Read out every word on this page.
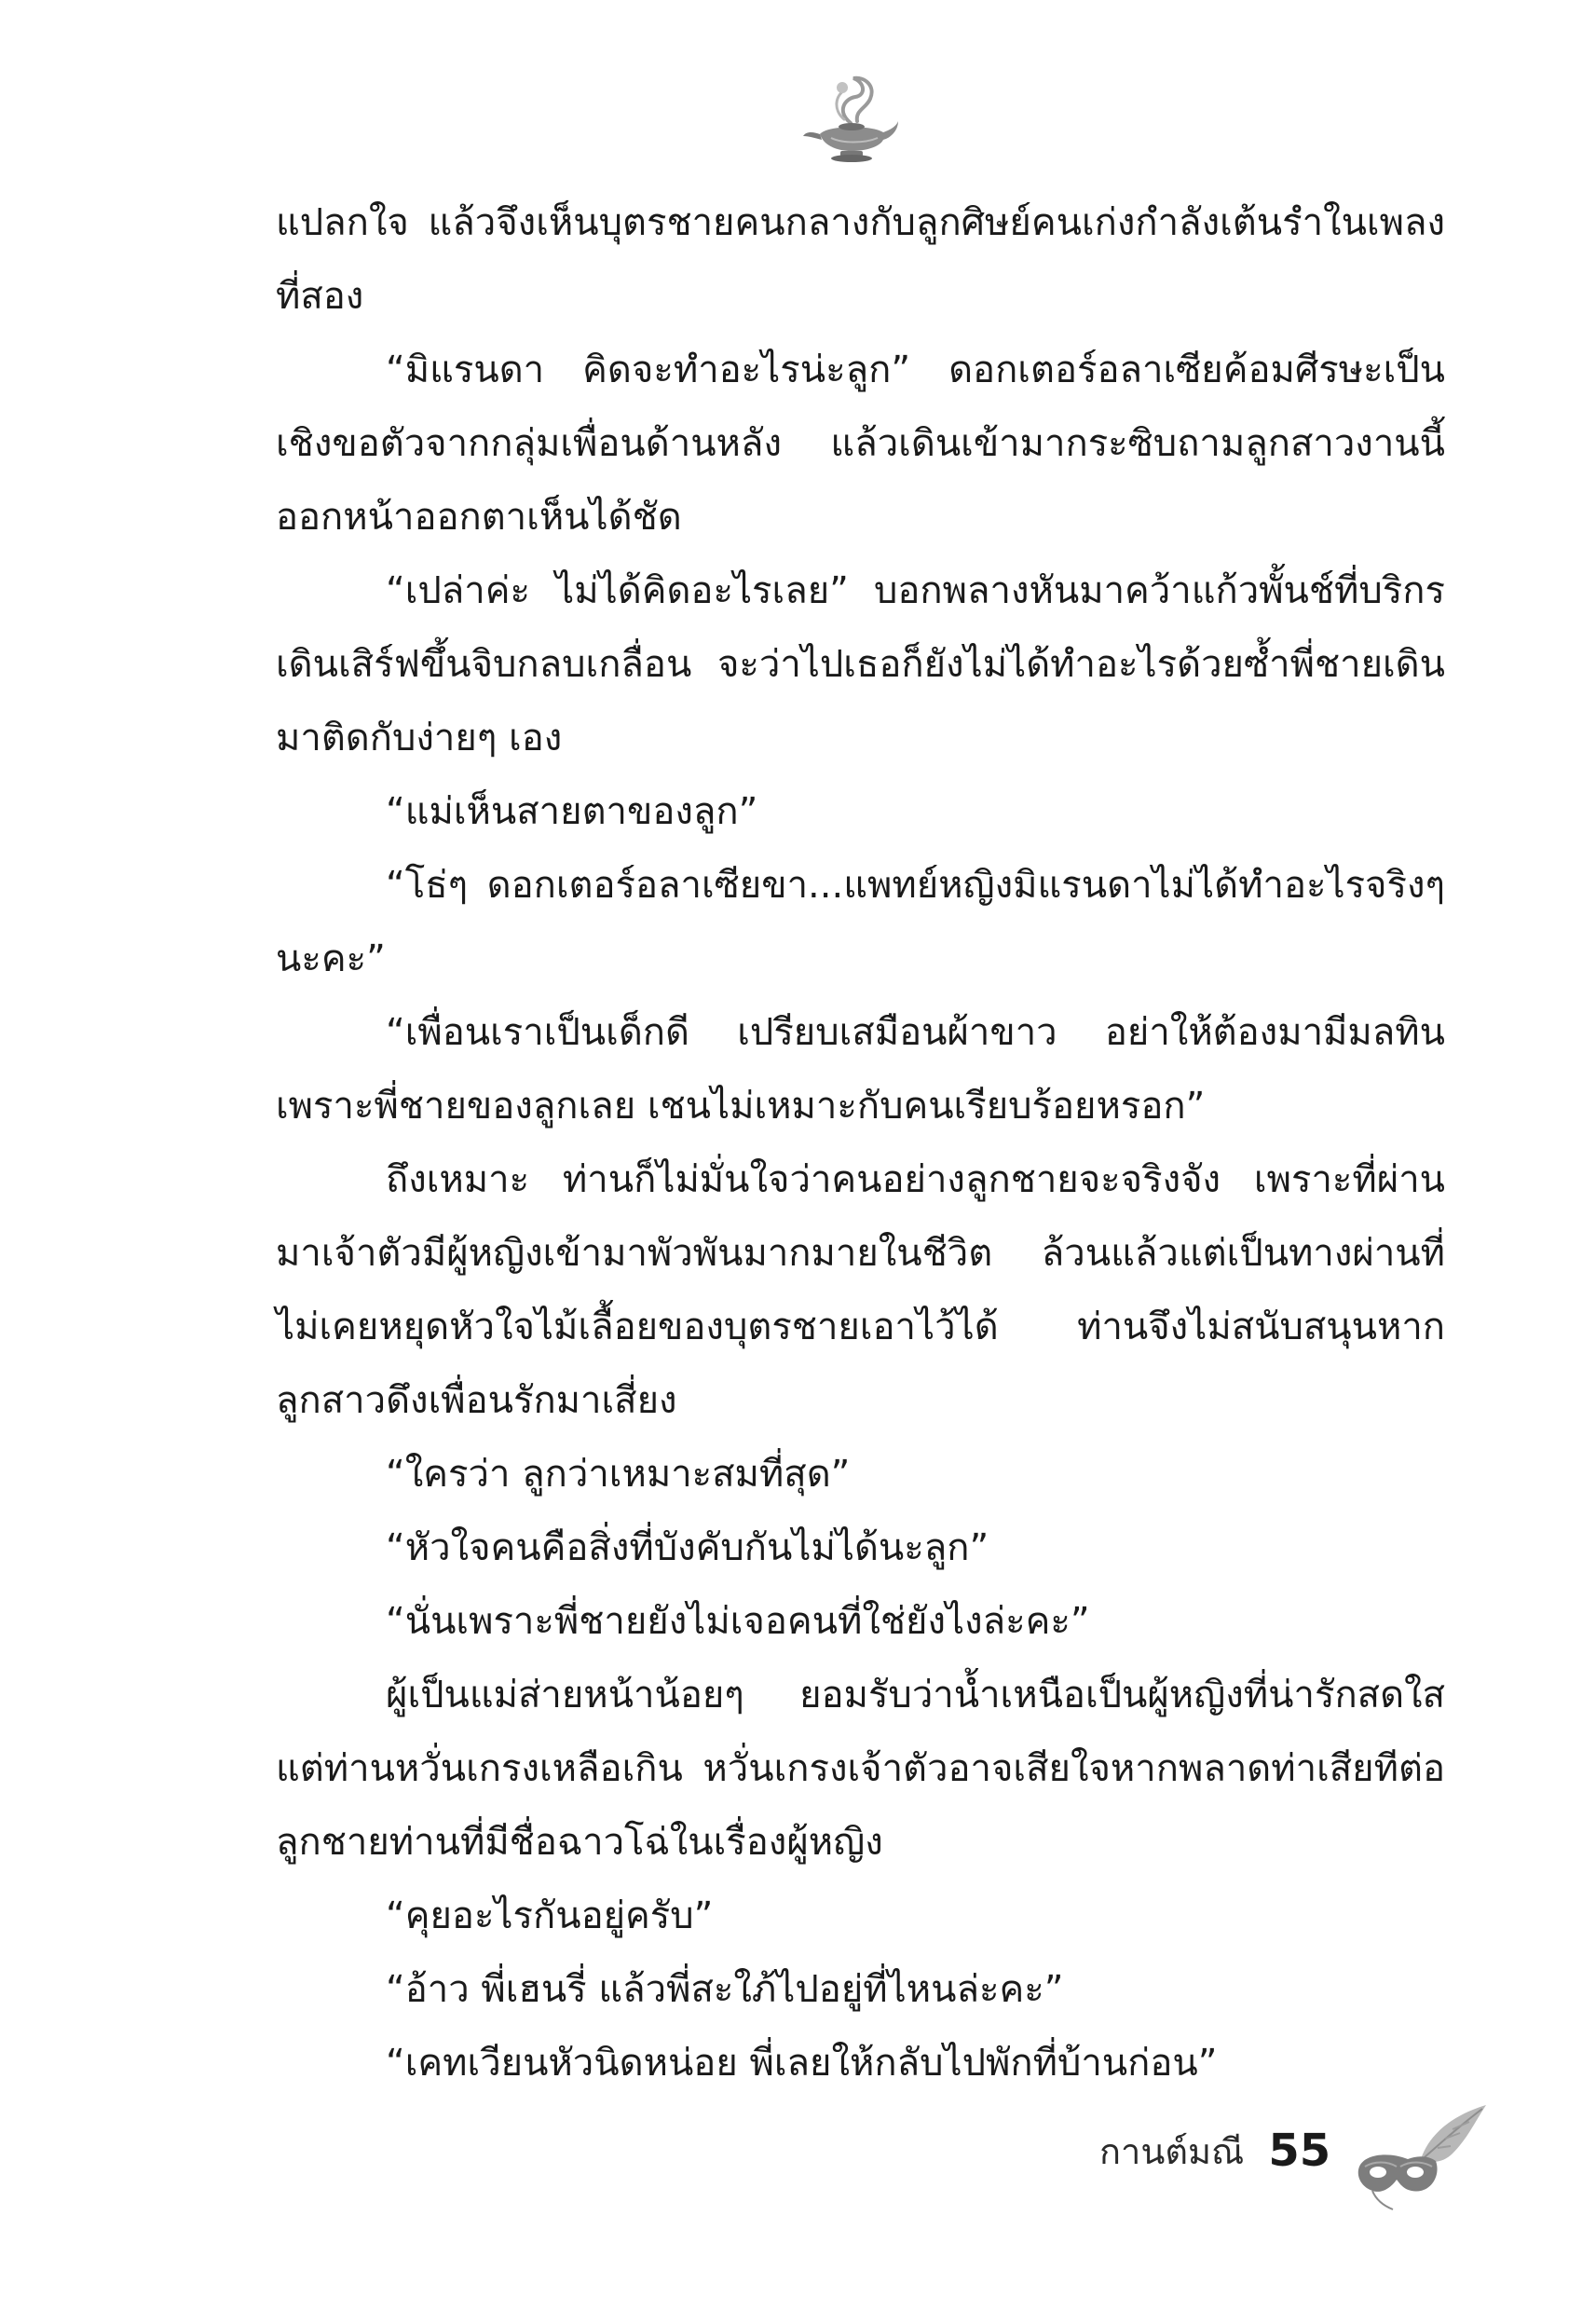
แปลกใจ แล้วจึงเห็นบุตรชายคนกลางกับลูกศิษย์คนเก่งกำลังเต้นรำในเพลงที่สอง

“มิแรนดา คิดจะทำอะไรน่ะลูก” ดอกเตอร์อลาเซียค้อมศีรษะเป็นเชิงขอตัวจากกลุ่มเพื่อนด้านหลัง แล้วเดินเข้ามากระซิบถามลูกสาวงานนี้ออกหน้าออกตาเห็นได้ชัด

“เปล่าค่ะ ไม่ได้คิดอะไรเลย” บอกพลางหันมาคว้าแก้วพั้นช์ที่บริกรเดินเสิร์ฟขึ้นจิบกลบเกลื่อน จะว่าไปเธอก็ยังไม่ได้ทำอะไรด้วยซ้ำพี่ชายเดินมาติดกับง่ายๆ เอง

“แม่เห็นสายตาของลูก”

“โธ่ๆ ดอกเตอร์อลาเซียขา...แพทย์หญิงมิแรนดาไม่ได้ทำอะไรจริงๆ นะคะ”

“เพื่อนเราเป็นเด็กดี เปรียบเสมือนผ้าขาว อย่าให้ต้องมามีมลทินเพราะพี่ชายของลูกเลย เชนไม่เหมาะกับคนเรียบร้อยหรอก”

ถึงเหมาะ ท่านก็ไม่มั่นใจว่าคนอย่างลูกชายจะจริงจัง เพราะที่ผ่านมาเจ้าตัวมีผู้หญิงเข้ามาพัวพันมากมายในชีวิต ล้วนแล้วแต่เป็นทางผ่านที่ไม่เคยหยุดหัวใจไม้เลื้อยของบุตรชายเอาไว้ได้ ท่านจึงไม่สนับสนุนหากลูกสาวดึงเพื่อนรักมาเสี่ยง

“ใครว่า ลูกว่าเหมาะสมที่สุด”

“หัวใจคนคือสิ่งที่บังคับกันไม่ได้นะลูก”

“นั่นเพราะพี่ชายยังไม่เจอคนที่ใช่ยังไงล่ะคะ”

ผู้เป็นแม่ส่ายหน้าน้อยๆ ยอมรับว่าน้ำเหนือเป็นผู้หญิงที่น่ารักสดใสแต่ท่านหวั่นเกรงเหลือเกิน หวั่นเกรงเจ้าตัวอาจเสียใจหากพลาดท่าเสียทีต่อลูกชายท่านที่มีชื่อฉาวโฉ่ในเรื่องผู้หญิง

“คุยอะไรกันอยู่ครับ”

“อ้าว พี่เฮนรี่ แล้วพี่สะใภ้ไปอยู่ที่ไหนล่ะคะ”

“เคทเวียนหัวนิดหน่อย พี่เลยให้กลับไปพักที่บ้านก่อน”

กานต์มณี 55
